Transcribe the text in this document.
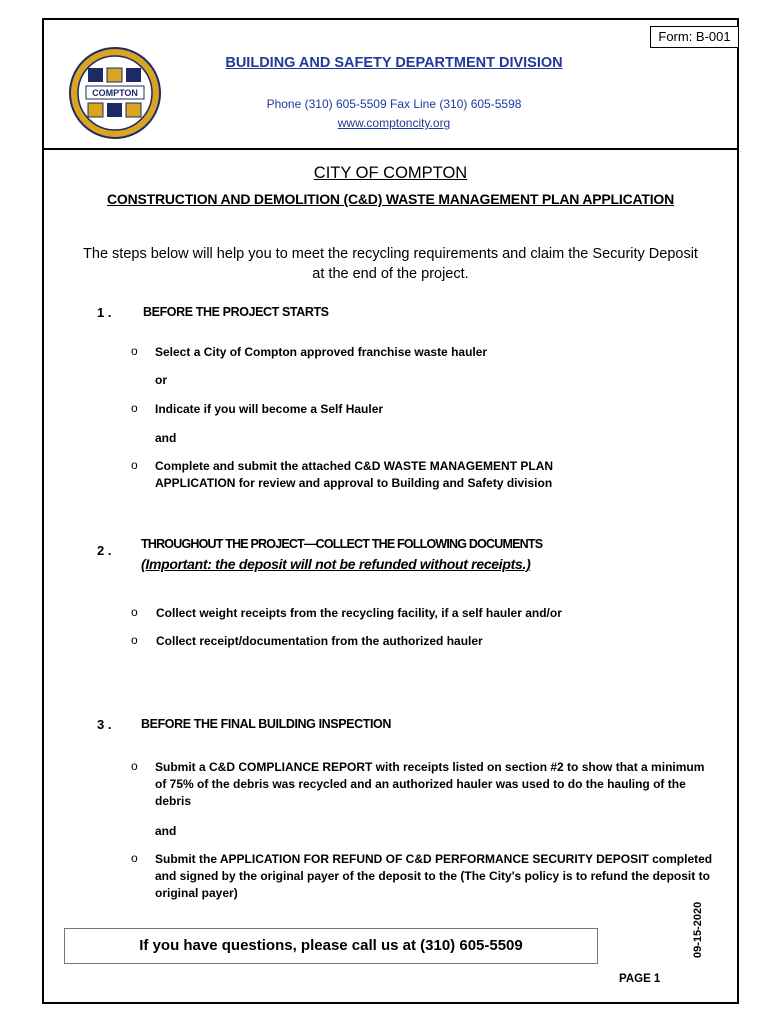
Form: B-001
COMPTON
BUILDING AND SAFETY DEPARTMENT DIVISION
Phone (310) 605-5509 Fax Line (310) 605-5598
www.comptoncity.org
CITY OF COMPTON
CONSTRUCTION AND DEMOLITION (C&D) WASTE MANAGEMENT PLAN APPLICATION
The steps below will help you to meet the recycling requirements and claim the Security Deposit at the end of the project.
1 .	BEFORE THE PROJECT STARTS
o Select a City of Compton approved franchise waste hauler
or
o Indicate if you will become a Self Hauler
and
o Complete and submit the attached C&D WASTE MANAGEMENT PLAN APPLICATION for review and approval to Building and Safety division
2 . THROUGHOUT THE PROJECT—COLLECT THE FOLLOWING DOCUMENTS
(Important: the deposit will not be refunded without receipts.)
o Collect weight receipts from the recycling facility, if a self hauler and/or
o Collect receipt/documentation from the authorized hauler
3 . BEFORE THE FINAL BUILDING INSPECTION
o Submit a C&D COMPLIANCE REPORT with receipts listed on section #2 to show that a minimum of 75% of the debris was recycled and an authorized hauler was used to do the hauling of the debris
and
o Submit the APPLICATION FOR REFUND OF C&D PERFORMANCE SECURITY DEPOSIT completed and signed by the original payer of the deposit to the (The City's policy is to refund the deposit to original payer)
If you have questions, please call us at (310) 605-5509
PAGE 1
09-15-2020
